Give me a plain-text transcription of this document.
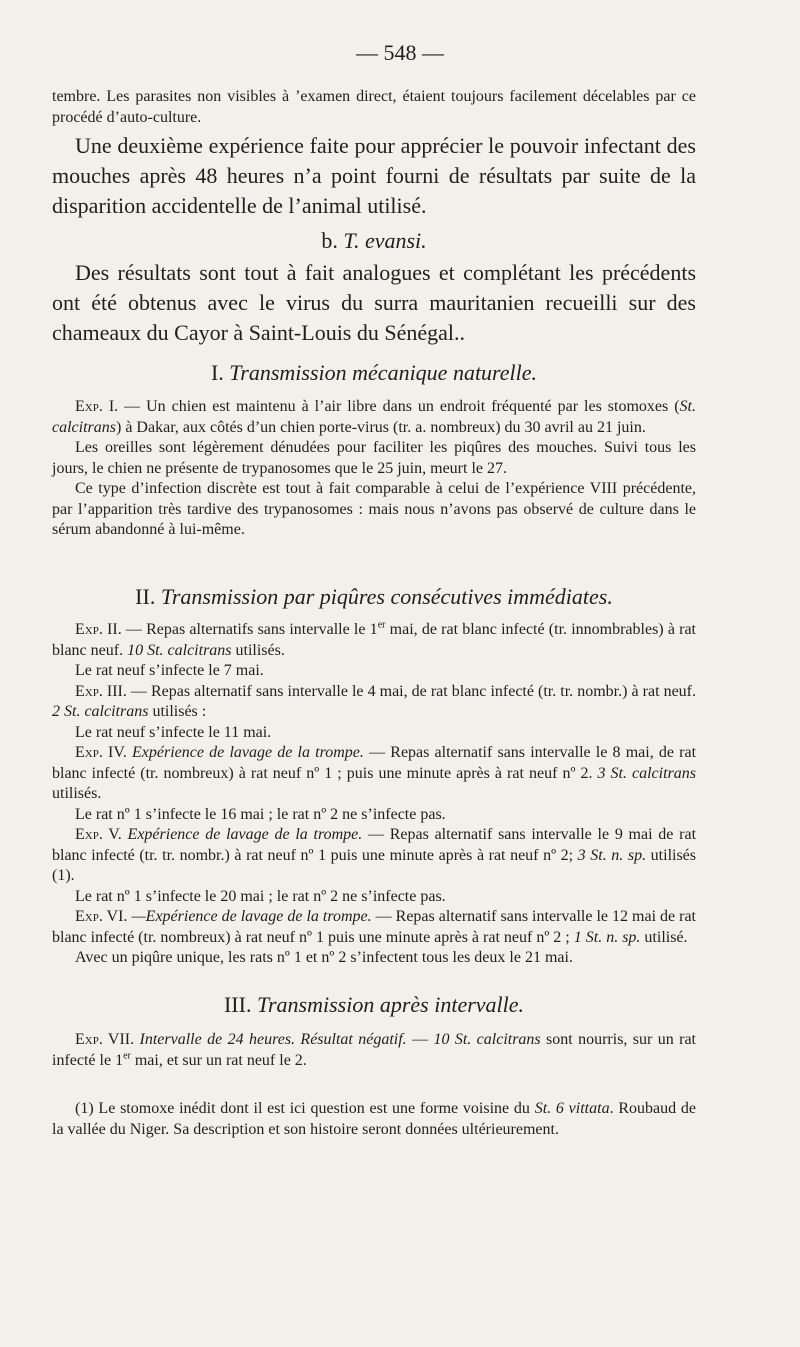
— 548 —

tembre. Les parasites non visibles à ’examen direct, étaient toujours facilement décelables par ce procédé d’auto-culture.

Une deuxième expérience faite pour apprécier le pouvoir infectant des mouches après 48 heures n’a point fourni de résultats par suite de la disparition accidentelle de l’animal utilisé.

b. T. evansi.

Des résultats sont tout à fait analogues et complétant les précédents ont été obtenus avec le virus du surra mauritanien recueilli sur des chameaux du Cayor à Saint-Louis du Sénégal..

I. Transmission mécanique naturelle.

Exp. I. — Un chien est maintenu à l’air libre dans un endroit fréquenté par les stomoxes (St. calcitrans) à Dakar, aux côtés d’un chien porte-virus (tr. a. nombreux) du 30 avril au 21 juin.

Les oreilles sont légèrement dénudées pour faciliter les piqûres des mouches. Suivi tous les jours, le chien ne présente de trypanosomes que le 25 juin, meurt le 27.

Ce type d’infection discrète est tout à fait comparable à celui de l’expérience VIII précédente, par l’apparition très tardive des trypanosomes : mais nous n’avons pas observé de culture dans le sérum abandonné à lui-même.

II. Transmission par piqûres consécutives immédiates.

Exp. II. — Repas alternatifs sans intervalle le 1er mai, de rat blanc infecté (tr. innombrables) à rat blanc neuf. 10 St. calcitrans utilisés.

Le rat neuf s’infecte le 7 mai.

Exp. III. — Repas alternatif sans intervalle le 4 mai, de rat blanc infecté (tr. tr. nombr.) à rat neuf. 2 St. calcitrans utilisés :

Le rat neuf s’infecte le 11 mai.

Exp. IV. Expérience de lavage de la trompe. — Repas alternatif sans intervalle le 8 mai, de rat blanc infecté (tr. nombreux) à rat neuf nº 1 ; puis une minute après à rat neuf nº 2. 3 St. calcitrans utilisés.

Le rat nº 1 s’infecte le 16 mai ; le rat nº 2 ne s’infecte pas.

Exp. V. Expérience de lavage de la trompe. — Repas alternatif sans intervalle le 9 mai de rat blanc infecté (tr. tr. nombr.) à rat neuf nº 1 puis une minute après à rat neuf nº 2; 3 St. n. sp. utilisés (1).

Le rat nº 1 s’infecte le 20 mai ; le rat nº 2 ne s’infecte pas.

Exp. VI. —Expérience de lavage de la trompe. — Repas alternatif sans intervalle le 12 mai de rat blanc infecté (tr. nombreux) à rat neuf nº 1 puis une minute après à rat neuf nº 2 ; 1 St. n. sp. utilisé.

Avec un piqûre unique, les rats nº 1 et nº 2 s’infectent tous les deux le 21 mai.

III. Transmission après intervalle.

Exp. VII. Intervalle de 24 heures. Résultat négatif. — 10 St. calcitrans sont nourris, sur un rat infecté le 1er mai, et sur un rat neuf le 2.

(1) Le stomoxe inédit dont il est ici question est une forme voisine du St. 6 vittata. Roubaud de la vallée du Niger. Sa description et son histoire seront données ultérieurement.
